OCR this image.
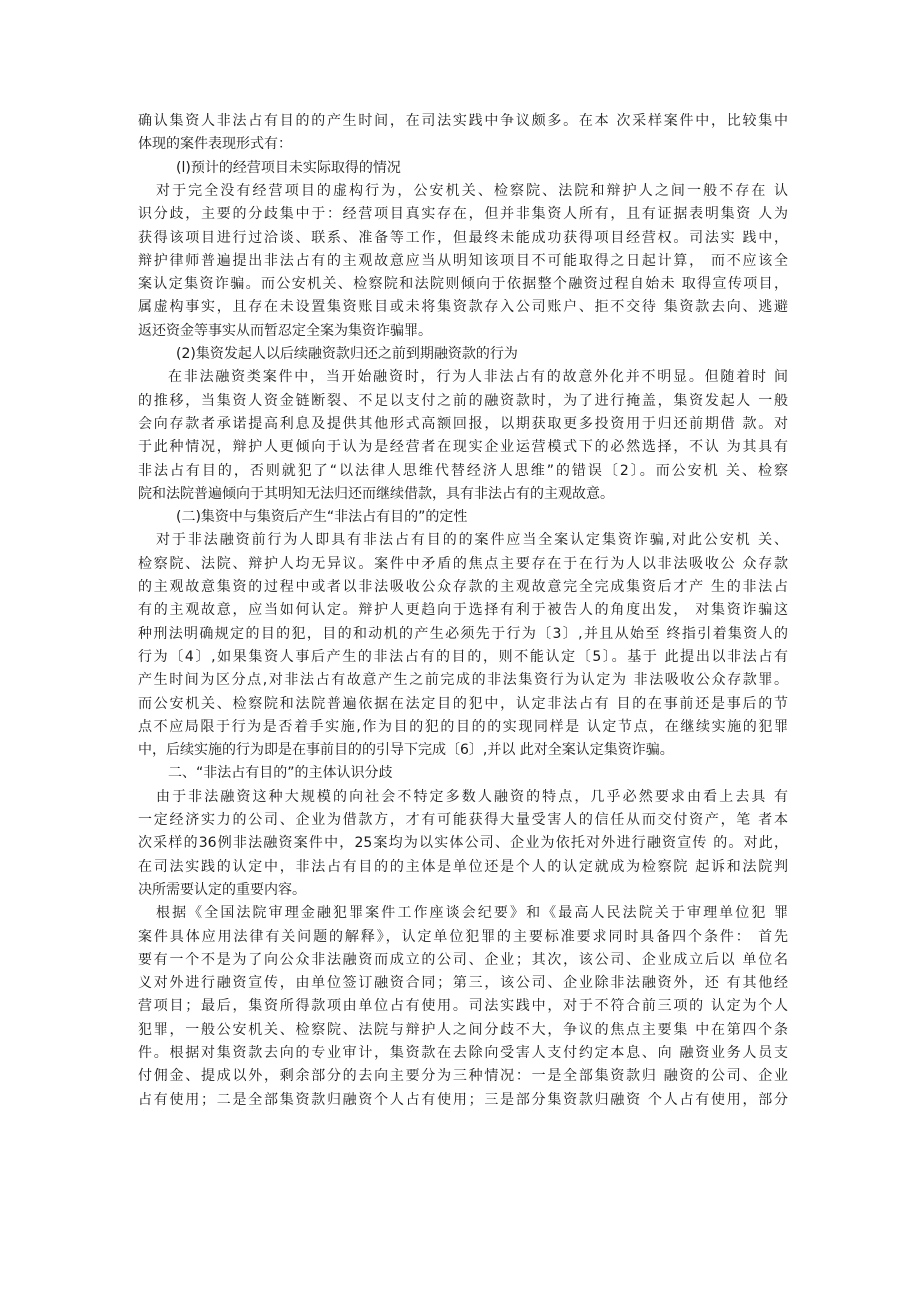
确认集资人非法占有目的的产生时间，在司法实践中争议颇多。在本 次采样案件中，比较集中
体现的案件表现形式有：
(l)预计的经营项目未实际取得的情况
对于完全没有经营项目的虚构行为，公安机关、检察院、法院和辩护人之间一般不存在 认
识分歧，主要的分歧集中于：经营项目真实存在，但并非集资人所有，且有证据表明集资 人为
获得该项目进行过洽谈、联系、准备等工作，但最终未能成功获得项目经营权。司法实 践中，
辩护律师普遍提出非法占有的主观故意应当从明知该项目不可能取得之日起计算， 而不应该全
案认定集资诈骗。而公安机关、检察院和法院则倾向于依据整个融资过程自始未 取得宣传项目，
属虚构事实，且存在未设置集资账目或未将集资款存入公司账户、拒不交待 集资款去向、逃避
返还资金等事实从而暂忍定全案为集资诈骗罪。
(2)集资发起人以后续融资款归还之前到期融资款的行为
在非法融资类案件中，当开始融资时，行为人非法占有的故意外化并不明显。但随着时 间
的推移，当集资人资金链断裂、不足以支付之前的融资款时，为了进行掩盖，集资发起人 一般
会向存款者承诺提高利息及提供其他形式高额回报，以期获取更多投资用于归还前期借 款。对
于此种情况，辩护人更倾向于认为是经营者在现实企业运营模式下的必然选择，不认 为其具有
非法占有目的，否则就犯了“以法律人思维代替经济人思维”的错误〔2〕。而公安机 关、检察
院和法院普遍倾向于其明知无法归还而继续借款，具有非法占有的主观故意。
(二)集资中与集资后产生“非法占有目的”的定性
对于非法融资前行为人即具有非法占有目的的案件应当全案认定集资诈骗,对此公安机 关、
检察院、法院、辩护人均无异议。案件中矛盾的焦点主要存在于在行为人以非法吸收公 众存款
的主观故意集资的过程中或者以非法吸收公众存款的主观故意完全完成集资后才产 生的非法占
有的主观故意，应当如何认定。辩护人更趋向于选择有利于被告人的角度出发， 对集资诈骗这
种刑法明确规定的目的犯，目的和动机的产生必须先于行为〔3〕,并且从始至 终指引着集资人的
行为〔4〕,如果集资人事后产生的非法占有的目的，则不能认定〔5〕。基于 此提出以非法占有
产生时间为区分点,对非法占有故意产生之前完成的非法集资行为认定为 非法吸收公众存款罪。
而公安机关、检察院和法院普遍依据在法定目的犯中，认定非法占有 目的在事前还是事后的节
点不应局限于行为是否着手实施,作为目的犯的目的的实现同样是 认定节点，在继续实施的犯罪
中，后续实施的行为即是在事前目的的引导下完成〔6〕,并以 此对全案认定集资诈骗。
二、“非法占有目的”的主体认识分歧
由于非法融资这种大规模的向社会不特定多数人融资的特点，几乎必然要求由看上去具 有
一定经济实力的公司、企业为借款方，才有可能获得大量受害人的信任从而交付资产，笔 者本
次采样的36例非法融资案件中，25案均为以实体公司、企业为依托对外进行融资宣传 的。对此，
在司法实践的认定中，非法占有目的的主体是单位还是个人的认定就成为检察院 起诉和法院判
决所需要认定的重要内容。
根据《全国法院审理金融犯罪案件工作座谈会纪要》和《最高人民法院关于审理单位犯 罪
案件具体应用法律有关问题的解释》，认定单位犯罪的主要标准要求同时具备四个条件： 首先
要有一个不是为了向公众非法融资而成立的公司、企业；其次，该公司、企业成立后以 单位名
义对外进行融资宣传，由单位签订融资合同；第三，该公司、企业除非法融资外，还 有其他经
营项目；最后，集资所得款项由单位占有使用。司法实践中，对于不符合前三项的 认定为个人
犯罪，一般公安机关、检察院、法院与辩护人之间分歧不大，争议的焦点主要集 中在第四个条
件。根据对集资款去向的专业审计，集资款在去除向受害人支付约定本息、向 融资业务人员支
付佣金、提成以外，剩余部分的去向主要分为三种情况：一是全部集资款归 融资的公司、企业
占有使用；二是全部集资款归融资个人占有使用；三是部分集资款归融资 个人占有使用，部分
